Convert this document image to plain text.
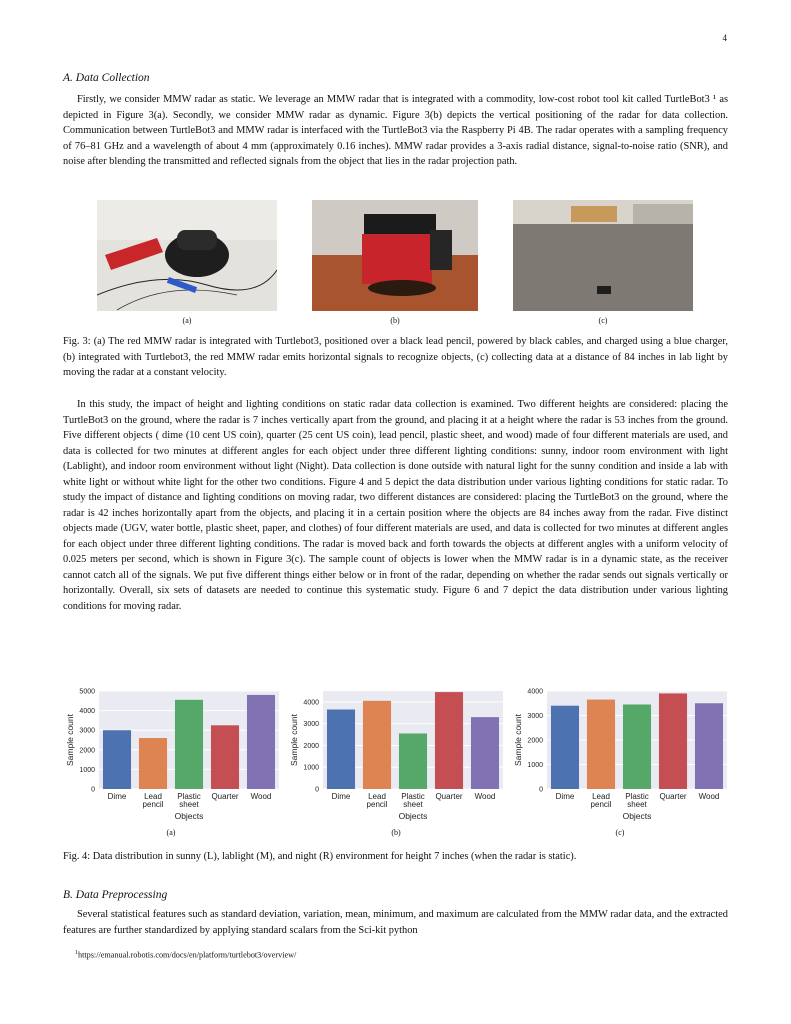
4
A. Data Collection

Firstly, we consider MMW radar as static. We leverage an MMW radar that is integrated with a commodity, low-cost robot tool kit called TurtleBot3 ¹ as depicted in Figure 3(a). Secondly, we consider MMW radar as dynamic. Figure 3(b) depicts the vertical positioning of the radar for data collection. Communication between TurtleBot3 and MMW radar is interfaced with the TurtleBot3 via the Raspberry Pi 4B. The radar operates with a sampling frequency of 76–81 GHz and a wavelength of about 4 mm (approximately 0.16 inches). MMW radar provides a 3-axis radial distance, signal-to-noise ratio (SNR), and noise after blending the transmitted and reflected signals from the object that lies in the radar projection path.

(a)	(b)	(c)

Fig. 3: (a) The red MMW radar is integrated with Turtlebot3, positioned over a black lead pencil, powered by black cables, and charged using a blue charger, (b) integrated with Turtlebot3, the red MMW radar emits horizontal signals to recognize objects, (c) collecting data at a distance of 84 inches in lab light by moving the radar at a constant velocity.

In this study, the impact of height and lighting conditions on static radar data collection is examined. Two different heights are considered: placing the TurtleBot3 on the ground, where the radar is 7 inches vertically apart from the ground, and placing it at a height where the radar is 53 inches from the ground. Five different objects ( dime (10 cent US coin), quarter (25 cent US coin), lead pencil, plastic sheet, and wood) made of four different materials are used, and data is collected for two minutes at different angles for each object under three different lighting conditions: sunny, indoor room environment with light (Lablight), and indoor room environment without light (Night). Data collection is done outside with natural light for the sunny condition and inside a lab with white light or without white light for the other two conditions. Figure 4 and 5 depict the data distribution under various lighting conditions for static radar. To study the impact of distance and lighting conditions on moving radar, two different distances are considered: placing the TurtleBot3 on the ground, where the radar is 42 inches horizontally apart from the objects, and placing it in a certain position where the objects are 84 inches away from the radar. Five distinct objects made (UGV, water bottle, plastic sheet, paper, and clothes) of four different materials are used, and data is collected for two minutes at different angles for each object under three different lighting conditions. The radar is moved back and forth towards the objects at different angles with a uniform velocity of 0.025 meters per second, which is shown in Figure 3(c). The sample count of objects is lower when the MMW radar is in a dynamic state, as the receiver cannot catch all of the signals. We put five different things either below or in front of the radar, depending on whether the radar sends out signals vertically or horizontally. Overall, six sets of datasets are needed to continue this systematic study. Figure 6 and 7 depict the data distribution under various lighting conditions for moving radar.

0
1000
2000
3000
4000
5000
Dime Lead
pencil
Plastic
sheet
Quarter Wood
Objects
Sample count
0
1000
2000
3000
4000
Dime Lead
pencil
Plastic
sheet
Quarter Wood
Objects
Sample count
0
1000
2000
3000
4000
Dime Lead
pencil
Plastic
sheet
Quarter Wood
Objects
Sample count
(a)	(b)	(c)

Fig. 4: Data distribution in sunny (L), lablight (M), and night (R) environment for height 7 inches (when the radar is static).

B. Data Preprocessing

Several statistical features such as standard deviation, variation, mean, minimum, and maximum are calculated from the MMW radar data, and the extracted features are further standardized by applying standard scalars from the Sci-kit python

$^1$https://emanual.robotis.com/docs/en/platform/turtlebot3/overview/
